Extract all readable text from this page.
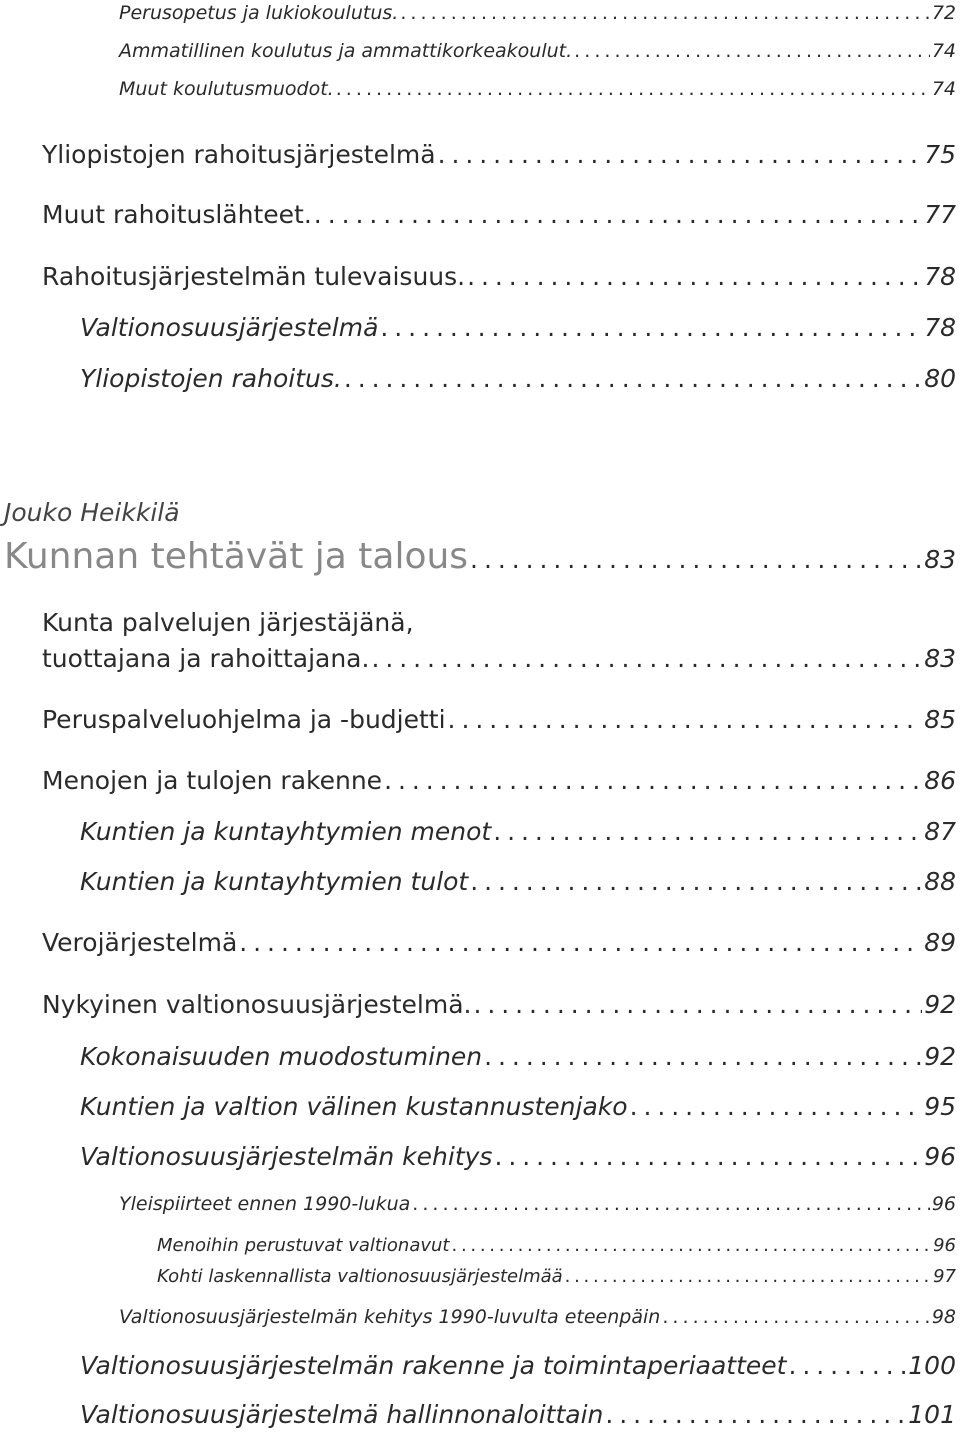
Perusopetus ja lukiokoulutus. . . .	72
Ammatillinen koulutus ja ammattikorkeakoulut. . . .	74
Muut koulutusmuodot. . . .	74
Yliopistojen rahoitusjärjestelmä . . .	75
Muut rahoituslähteet. . . .	77
Rahoitusjärjestelmän tulevaisuus. . . .	78
Valtionosuusjärjestelmä . . .	78
Yliopistojen rahoitus. . . .	80
Jouko Heikkilä
Kunnan tehtävät ja talous . . .	83
Kunta palvelujen järjestäjänä,
tuottajana ja rahoittajana. . . .	83
Peruspalveluohjelma ja -budjetti . . .	85
Menojen ja tulojen rakenne . . .	86
Kuntien ja kuntayhtymien menot . . .	87
Kuntien ja kuntayhtymien tulot . . .	88
Verojärjestelmä . . .	89
Nykyinen valtionosuusjärjestelmä. . . .	92
Kokonaisuuden muodostuminen . . .	92
Kuntien ja valtion välinen kustannustenjako . . .	95
Valtionosuusjärjestelmän kehitys . . .	96
Yleispiirteet ennen 1990-lukua . . .	96
Menoihin perustuvat valtionavut . . .	96
Kohti laskennallista valtionosuusjärjestelmää . . .	97
Valtionosuusjärjestelmän kehitys 1990-luvulta eteenpäin . . .	98
Valtionosuusjärjestelmän rakenne ja toimintaperiaatteet . . .	100
Valtionosuusjärjestelmä hallinnonaloittain . . .	101
